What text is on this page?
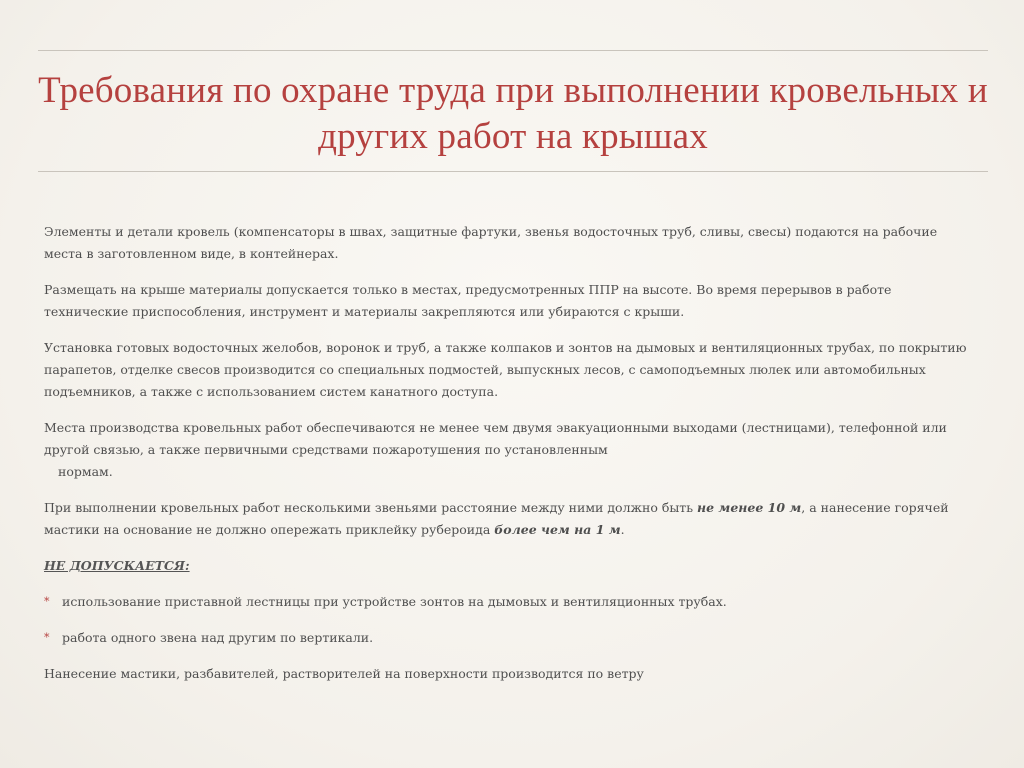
Требования по охране труда при выполнении кровельных и других работ на крышах

Элементы и детали кровель (компенсаторы в швах, защитные фартуки, звенья водосточных труб, сливы, свесы) подаются на рабочие места в заготовленном виде, в контейнерах.

Размещать на крыше материалы допускается только в местах, предусмотренных ППР на высоте. Во время перерывов в работе технические приспособления, инструмент и материалы закрепляются или убираются с крыши.

Установка готовых водосточных желобов, воронок и труб, а также колпаков и зонтов на дымовых и вентиляционных трубах, по покрытию парапетов, отделке свесов производится со специальных подмостей, выпускных лесов, с самоподъемных люлек или автомобильных подъемников, а также с использованием систем канатного доступа.

Места производства кровельных работ обеспечиваются не менее чем двумя эвакуационными выходами (лестницами), телефонной или другой связью, а также первичными средствами пожаротушения по установленным
нормам.

При выполнении кровельных работ несколькими звеньями расстояние между ними должно быть не менее 10 м, а нанесение горячей мастики на основание не должно опережать приклейку рубероида более чем на 1 м.

НЕ ДОПУСКАЕТСЯ:

*	использование приставной лестницы при устройстве зонтов на дымовых и вентиляционных трубах.
*	работа одного звена над другим по вертикали.

Нанесение мастики, разбавителей, растворителей на поверхности производится по ветру
